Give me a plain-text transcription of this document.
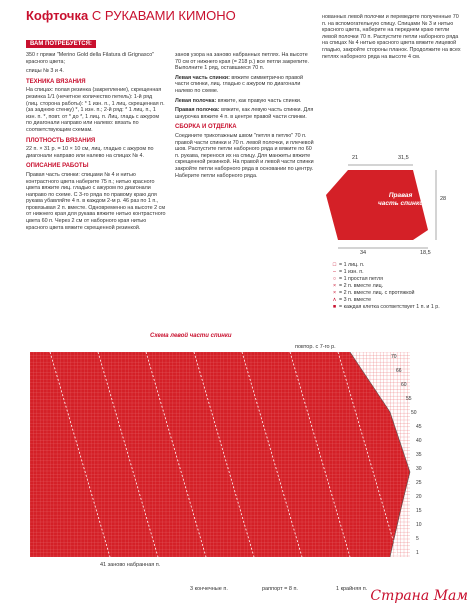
Кофточка С РУКАВАМИ КИМОНО
ВАМ ПОТРЕБУЕТСЯ:

350 г пряжи "Merino Gold della Filatura di Grignasco" красного цвета;

спицы № 3 и 4.

ТЕХНИКА ВЯЗАНИЯ

На спицах: полая резинка (закрепление), скрещенная резинка 1/1 (нечетное количество петель): 1-й ряд (лиц. сторона работы): * 1 изн. п., 1 лиц. скрещенная п. (за заднюю стенку) *, 1 изн. п.; 2-й ряд: * 1 лиц. п., 1 изн. п. *, повт. от * до *, 1 лиц. п. Лиц. гладь с ажуром по диагонали направо или налево: вязать по соответствующим схемам.

ПЛОТНОСТЬ ВЯЗАНИЯ

22 п. × 31 р. = 10 × 10 см, лиц. гладью с ажуром по диагонали направо или налево на спицах № 4.

ОПИСАНИЕ РАБОТЫ

Правая часть спинки: спицами № 4 и нитью контрастного цвета наберите 75 п.; нитью красного цвета вяжите лиц. гладью с ажуром по диагонали направо по схеме. С 3-го ряда по правому краю для рукава убавляйте 4 п. в каждом 2-м р. 46 раз по 1 п., провязывая 2 п. вместе. Одновременно на высоте 2 см от нижнего края для рукава вяжите нитью контрастного цвета 60 п. Через 2 см от наборного края нитью красного цвета вяжите скрещенной резинкой.

занов узора на заново набранных петлях. На высоте 70 см от нижнего края (= 218 р.) все петли закрепите. Выполните 1 ряд, оставшиеся 70 п.

Левая часть спинки: вяжите симметрично правой части спинки, лиц. гладью с ажуром по диагонали налево по схеме.

Левая полочка: вяжите, как правую часть спинки.

Правая полочка: вяжите, как левую часть спинки. Для шнурочка вяжите 4 п. в центре правой части спинки.

СБОРКА И ОТДЕЛКА

Соедините трикотажным швом "петля в петлю" 70 п. правой части спинки и 70 п. левой полочки, и плечевой шов. Распустите петли наборного ряда и вяжите по 60 п. рукава, перенося их на спицу. Для манжеты вяжите скрещенной резинкой. На правой и левой части спинки закройте петли наборного ряда в основании по центру. Наберите петли наборного ряда.

нованных левой полочки и переведите полученные 70 п. на вспомогательную спицу. Спицами № 3 и нитью красного цвета, наберите на переднем краю петли левой полочки 70 п. Распустите петли наборного ряда на спицах № 4 нитью красного цвета вяжите лицевой гладью, закройте стороны планок. Продолжите на всех петлях наборного ряда на высоте 4 см.

21	31,5
28
34	18,5
Правая
часть спинки
□ = 1 лиц. п.
– = 1 изн. п.
○ = 1 простая петля
× = 2 п. вместе лиц.
× = 2 п. вместе лиц. с протяжкой
∧ = 3 п. вместе
■ = каждая клетка соответствует 1 п. и 1 р.
Схема левой части спинки
повтор. с 7-го р.
70
66
60
55
50
45
40
35
30
25
20
15
10
5
1
41 заново набранная п.
3 кончечные п.	раппорт = 8 п.	1 крайняя п. Страна Мам
